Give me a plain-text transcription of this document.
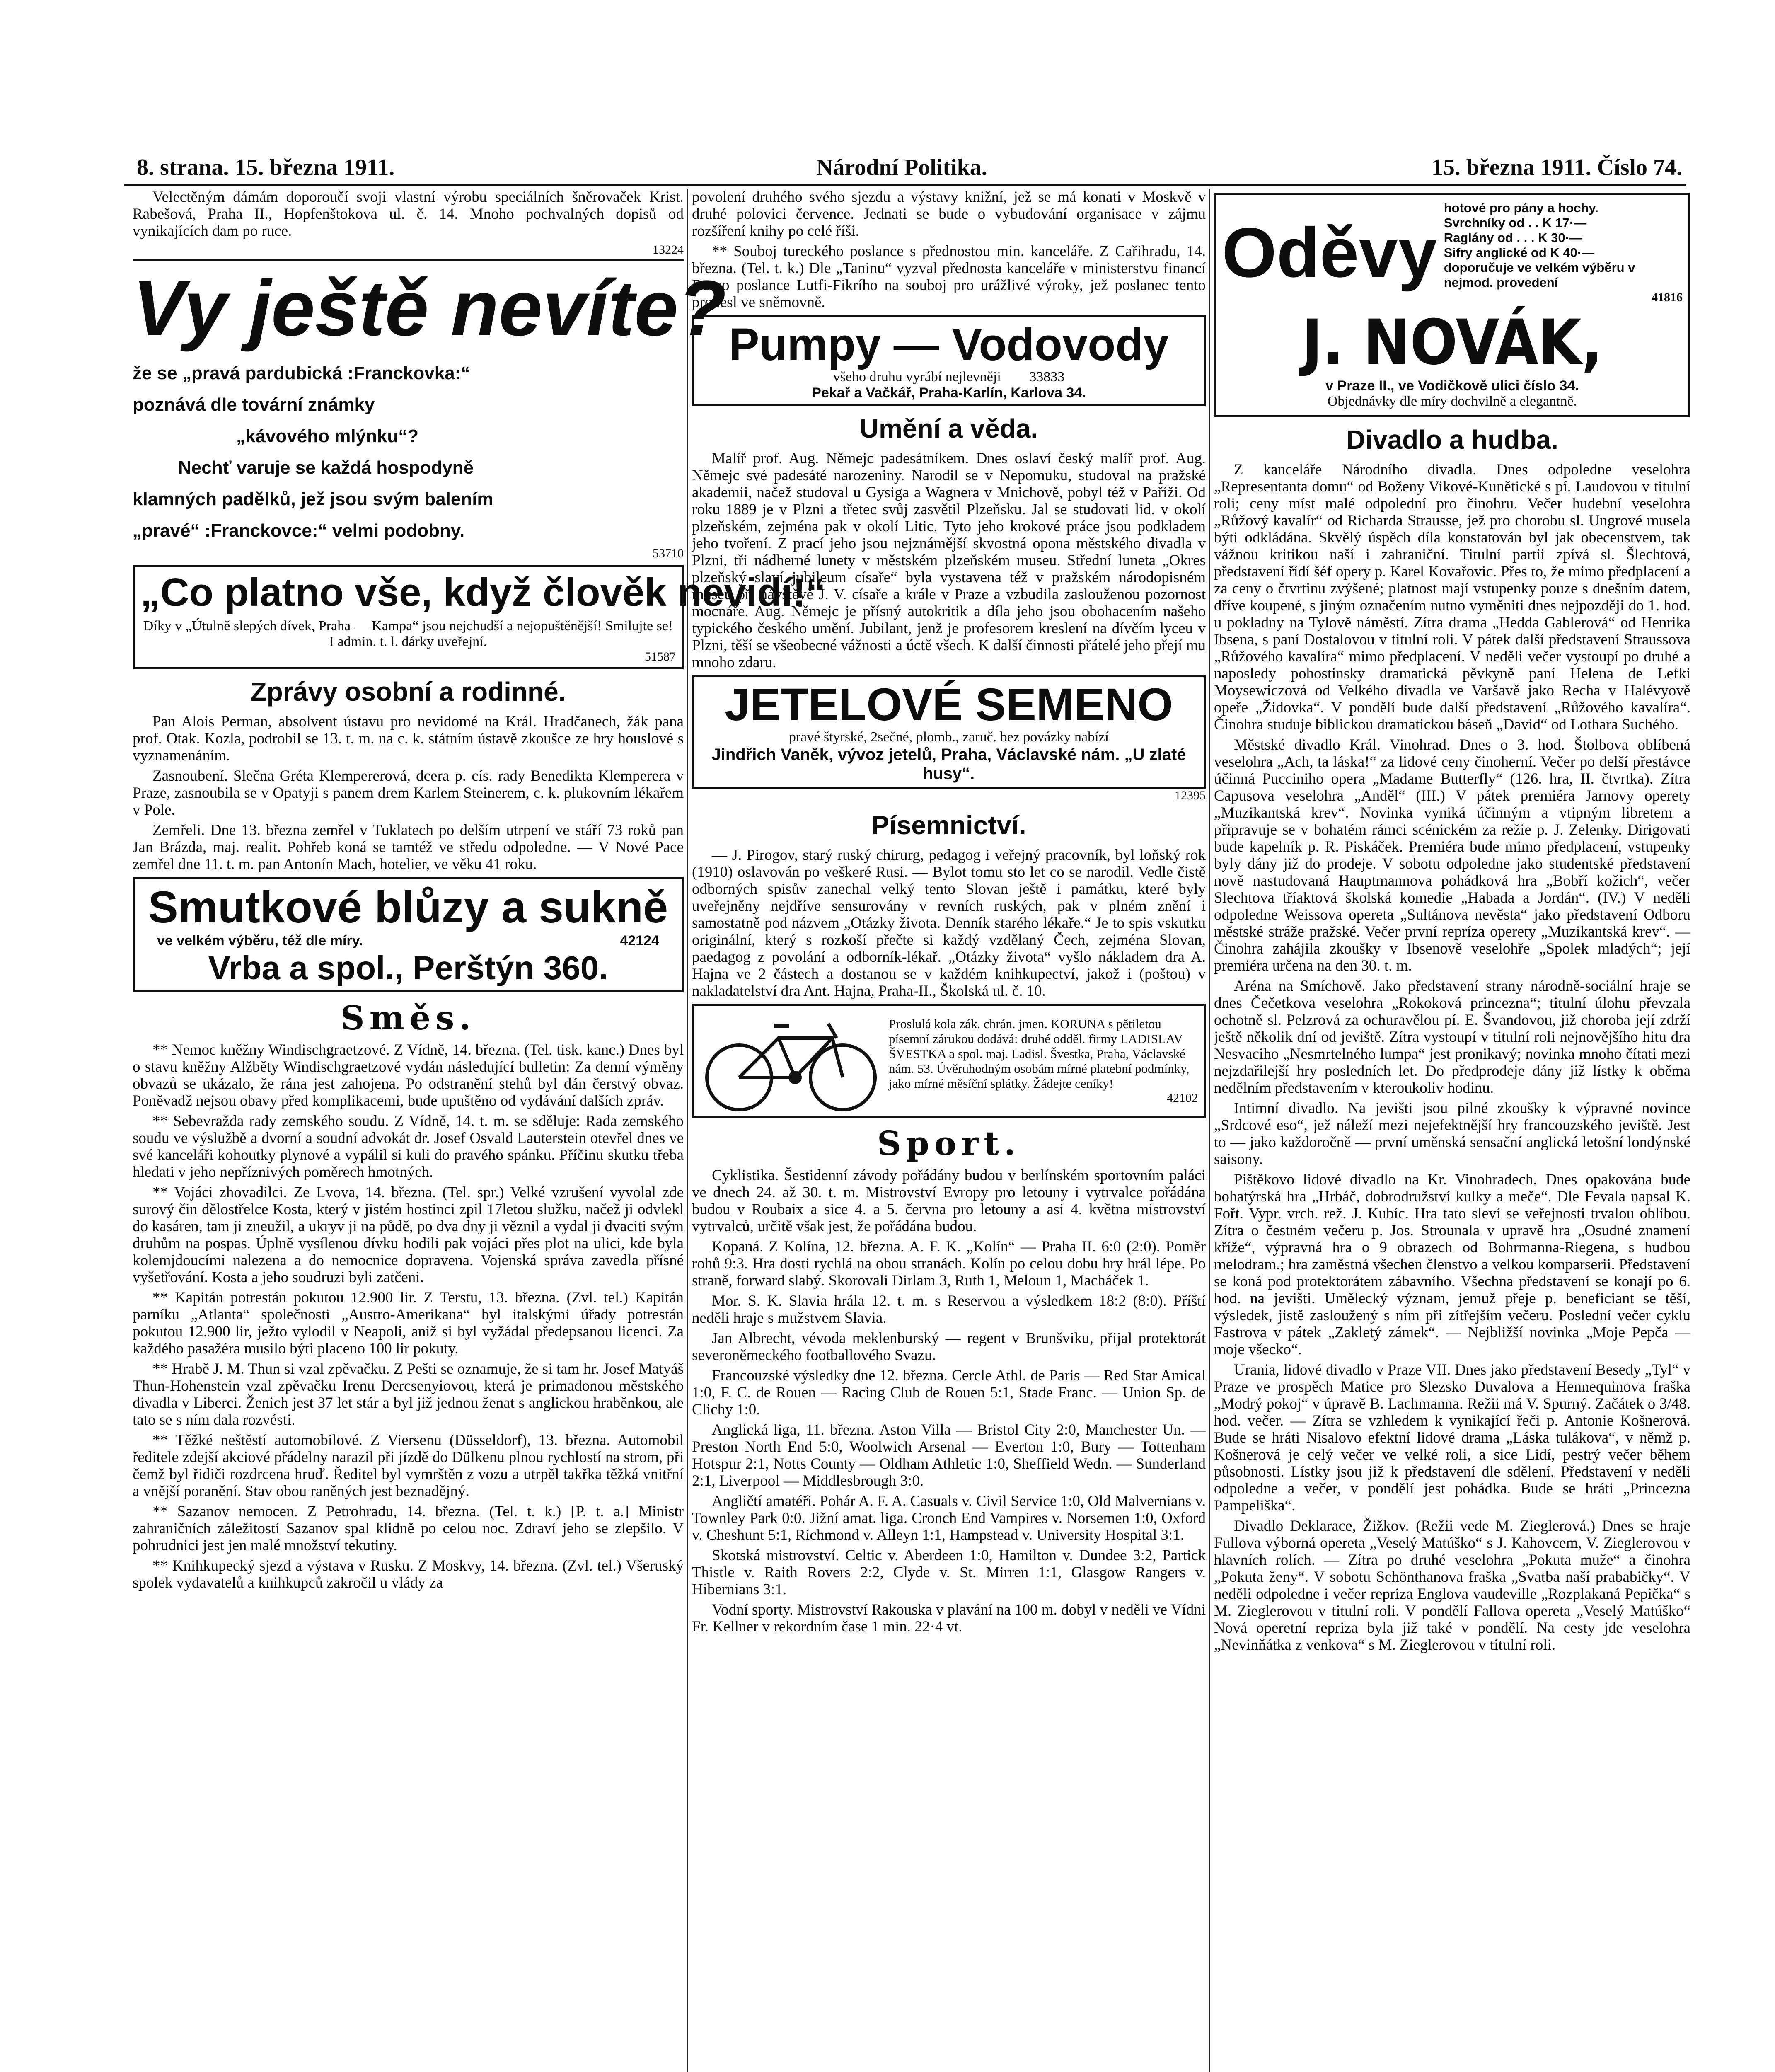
8. strana. 15. března 1911.	Národní Politika.	15. března 1911. Číslo 74.

Velectěným dámám doporoučí svoji vlastní výrobu speciálních šněrovaček Krist. Rabešová, Praha II., Hopfenštokova ul. č. 14. Mnoho pochvalných dopisů od vynikajících dam po ruce.

13224
Vy ještě nevíte?
že se „pravá pardubická :Franckovka:“
poznává dle tovární známky
„kávového mlýnku“?
Nechť varuje se každá hospodyně
klamných padělků, jež jsou svým balením
„pravé“ :Franckovce:“ velmi podobny.
53710
„Co platno vše, když člověk nevidí!“
Díky v „Útulně slepých dívek, Praha — Kampa“ jsou nejchudší a nejopuštěnější! Smilujte se! I admin. t. l. dárky uveřejní.
51587
Zprávy osobní a rodinné.

Pan Alois Perman, absolvent ústavu pro nevidomé na Král. Hradčanech, žák pana prof. Otak. Kozla, podrobil se 13. t. m. na c. k. státním ústavě zkoušce ze hry houslové s vyznamenáním.

Zasnoubení. Slečna Gréta Klempererová, dcera p. cís. rady Benedikta Klemperera v Praze, zasnoubila se v Opatyji s panem drem Karlem Steinerem, c. k. plukovním lékařem v Pole.

Zemřeli. Dne 13. března zemřel v Tuklatech po delším utrpení ve stáří 73 roků pan Jan Brázda, maj. realit. Pohřeb koná se tamtéž ve středu odpoledne. — V Nové Pace zemřel dne 11. t. m. pan Antonín Mach, hotelier, ve věku 41 roku.

Smutkové blůzy a sukně
ve velkém výběru, též dle míry.	42124
Vrba a spol., Perštýn 360.
Směs.

** Nemoc kněžny Windischgraetzové. Z Vídně, 14. března. (Tel. tisk. kanc.) Dnes byl o stavu kněžny Alžběty Windischgraetzové vydán následující bulletin: Za denní výměny obvazů se ukázalo, že rána jest zahojena. Po odstranění stehů byl dán čerstvý obvaz. Poněvadž nejsou obavy před komplikacemi, bude upuštěno od vydávání dalších zpráv.

** Sebevražda rady zemského soudu. Z Vídně, 14. t. m. se sděluje: Rada zemského soudu ve výslužbě a dvorní a soudní advokát dr. Josef Osvald Lauterstein otevřel dnes ve své kanceláři kohoutky plynové a vypálil si kuli do pravého spánku. Příčinu skutku třeba hledati v jeho nepříznivých poměrech hmotných.

** Vojáci zhovadilci. Ze Lvova, 14. března. (Tel. spr.) Velké vzrušení vyvolal zde surový čin dělostřelce Kosta, který v jistém hostinci zpil 17letou služku, načež ji odvlekl do kasáren, tam ji zneužil, a ukryv ji na půdě, po dva dny ji věznil a vydal ji dvaciti svým druhům na pospas. Úplně vysílenou dívku hodili pak vojáci přes plot na ulici, kde byla kolemjdoucími nalezena a do nemocnice dopravena. Vojenská správa zavedla přísné vyšetřování. Kosta a jeho soudruzi byli zatčeni.

** Kapitán potrestán pokutou 12.900 lir. Z Terstu, 13. března. (Zvl. tel.) Kapitán parníku „Atlanta“ společnosti „Austro-Amerikana“ byl italskými úřady potrestán pokutou 12.900 lir, ježto vylodil v Neapoli, aniž si byl vyžádal předepsanou licenci. Za každého pasažéra musilo býti placeno 100 lir pokuty.

** Hrabě J. M. Thun si vzal zpěvačku. Z Pešti se oznamuje, že si tam hr. Josef Matyáš Thun-Hohenstein vzal zpěvačku Irenu Dercsenyiovou, která je primadonou městského divadla v Liberci. Ženich jest 37 let stár a byl již jednou ženat s anglickou hraběnkou, ale tato se s ním dala rozvésti.

** Těžké neštěstí automobilové. Z Viersenu (Düsseldorf), 13. března. Automobil ředitele zdejší akciové přádelny narazil při jízdě do Dülkenu plnou rychlostí na strom, při čemž byl řidiči rozdrcena hruď. Ředitel byl vymrštěn z vozu a utrpěl takřka těžká vnitřní a vnější poranění. Stav obou raněných jest beznadějný.

** Sazanov nemocen. Z Petrohradu, 14. března. (Tel. t. k.) [P. t. a.] Ministr zahraničních záležitostí Sazanov spal klidně po celou noc. Zdraví jeho se zlepšilo. V pohrudnici jest jen malé množství tekutiny.

** Knihkupecký sjezd a výstava v Rusku. Z Moskvy, 14. března. (Zvl. tel.) Všeruský spolek vydavatelů a knihkupců zakročil u vlády za

povolení druhého svého sjezdu a výstavy knižní, jež se má konati v Moskvě v druhé polovici července. Jednati se bude o vybudování organisace v zájmu rozšíření knihy po celé říši.

** Souboj tureckého poslance s přednostou min. kanceláře. Z Cařihradu, 14. března. (Tel. t. k.) Dle „Taninu“ vyzval přednosta kanceláře v ministerstvu financí Russo poslance Lutfi-Fikrího na souboj pro urážlivé výroky, jež poslanec tento pronesl ve sněmovně.

Pumpy — Vodovody
všeho druhu vyrábí nejlevněji 33833
Pekař a Vačkář, Praha-Karlín, Karlova 34.
Umění a věda.

Malíř prof. Aug. Němejc padesátníkem. Dnes oslaví český malíř prof. Aug. Němejc své padesáté narozeniny. Narodil se v Nepomuku, studoval na pražské akademii, načež studoval u Gysiga a Wagnera v Mnichově, pobyl též v Paříži. Od roku 1889 je v Plzni a třetec svůj zasvětil Plzeňsku. Jal se studovati lid. v okolí plzeňském, zejména pak v okolí Litic. Tyto jeho krokové práce jsou podkladem jeho tvoření. Z prací jeho jsou nejznámější skvostná opona městského divadla v Plzni, tři nádherné lunety v městském plzeňském museu. Střední luneta „Okres plzeňský slaví jubileum císaře“ byla vystavena též v pražském národopisném museu při návštěvě J. V. císaře a krále v Praze a vzbudila zaslouženou pozornost mocnáře. Aug. Němejc je přísný autokritik a díla jeho jsou obohacením našeho typického českého umění. Jubilant, jenž je profesorem kreslení na dívčím lyceu v Plzni, těší se všeobecné vážnosti a úctě všech. K další činnosti přátelé jeho přejí mu mnoho zdaru.

JETELOVÉ SEMENO
pravé štyrské, 2sečné, plomb., zaruč. bez povázky nabízí
Jindřich Vaněk, vývoz jetelů, Praha, Václavské nám. „U zlaté husy“.
12395
Písemnictví.

— J. Pirogov, starý ruský chirurg, pedagog i veřejný pracovník, byl loňský rok (1910) oslavován po veškeré Rusi. — Bylot tomu sto let co se narodil. Vedle čistě odborných spisův zanechal velký tento Slovan ještě i památku, které byly uveřejněny nejdříve sensurovány v revních ruských, pak v plném znění i samostatně pod názvem „Otázky života. Denník starého lékaře.“ Je to spis vskutku originální, který s rozkoší přečte si každý vzdělaný Čech, zejména Slovan, paedagog z povolání a odborník-lékař. „Otázky života“ vyšlo nákladem dra A. Hajna ve 2 částech a dostanou se v každém knihkupectví, jakož i (poštou) v nakladatelství dra Ant. Hajna, Praha-II., Školská ul. č. 10.

Proslulá kola zák. chrán. jmen. KORUNA s pětiletou písemní zárukou dodává: druhé odděl. firmy LADISLAV ŠVESTKA a spol. maj. Ladisl. Švestka, Praha, Václavské nám. 53. Úvěruhodným osobám mírné platební podmínky, jako mírné měsíční splátky. Žádejte ceníky!
42102
Sport.

Cyklistika. Šestidenní závody pořádány budou v berlínském sportovním paláci ve dnech 24. až 30. t. m. Mistrovství Evropy pro letouny i vytrvalce pořádána budou v Roubaix a sice 4. a 5. června pro letouny a asi 4. května mistrovství vytrvalců, určitě však jest, že pořádána budou.

Kopaná. Z Kolína, 12. března. A. F. K. „Kolín“ — Praha II. 6:0 (2:0). Poměr rohů 9:3. Hra dosti rychlá na obou stranách. Kolín po celou dobu hry hrál lépe. Po straně, forward slabý. Skorovali Dirlam 3, Ruth 1, Meloun 1, Macháček 1.

Mor. S. K. Slavia hrála 12. t. m. s Reservou a výsledkem 18:2 (8:0). Příští neděli hraje s mužstvem Slavia.

Jan Albrecht, vévoda meklenburský — regent v Brunšviku, přijal protektorát severoněmeckého footballového Svazu.

Francouzské výsledky dne 12. března. Cercle Athl. de Paris — Red Star Amical 1:0, F. C. de Rouen — Racing Club de Rouen 5:1, Stade Franc. — Union Sp. de Clichy 1:0.

Anglická liga, 11. března. Aston Villa — Bristol City 2:0, Manchester Un. — Preston North End 5:0, Woolwich Arsenal — Everton 1:0, Bury — Tottenham Hotspur 2:1, Notts County — Oldham Athletic 1:0, Sheffield Wedn. — Sunderland 2:1, Liverpool — Middlesbrough 3:0.

Angličtí amatéři. Pohár A. F. A. Casuals v. Civil Service 1:0, Old Malvernians v. Townley Park 0:0. Jižní amat. liga. Cronch End Vampires v. Norsemen 1:0, Oxford v. Cheshunt 5:1, Richmond v. Alleyn 1:1, Hampstead v. University Hospital 3:1.

Skotská mistrovství. Celtic v. Aberdeen 1:0, Hamilton v. Dundee 3:2, Partick Thistle v. Raith Rovers 2:2, Clyde v. St. Mirren 1:1, Glasgow Rangers v. Hibernians 3:1.

Vodní sporty. Mistrovství Rakouska v plavání na 100 m. dobyl v neděli ve Vídni Fr. Kellner v rekordním čase 1 min. 22·4 vt.

Oděvy
hotové pro pány a hochy.
Svrchníky od . . K 17·—
Raglány od . . . K 30·—
Sifry anglické od K 40·—
doporučuje ve velkém výběru v nejmod. provedení
41816
J. NOVÁK,
v Praze II., ve Vodičkově ulici číslo 34.
Objednávky dle míry dochvilně a elegantně.
Divadlo a hudba.

Z kanceláře Národního divadla. Dnes odpoledne veselohra „Representanta domu“ od Boženy Vikové-Kunětické s pí. Laudovou v titulní roli; ceny míst malé odpolední pro činohru. Večer hudební veselohra „Růžový kavalír“ od Richarda Strausse, jež pro chorobu sl. Ungrové musela býti odkládána. Skvělý úspěch díla konstatován byl jak obecenstvem, tak vážnou kritikou naší i zahraniční. Titulní partii zpívá sl. Šlechtová, představení řídí šéf opery p. Karel Kovařovic. Přes to, že mimo předplacení a za ceny o čtvrtinu zvýšené; platnost mají vstupenky pouze s dnešním datem, dříve koupené, s jiným označením nutno vyměniti dnes nejpozději do 1. hod. u pokladny na Tylově náměstí. Zítra drama „Hedda Gablerová“ od Henrika Ibsena, s paní Dostalovou v titulní roli. V pátek další představení Straussova „Růžového kavalíra“ mimo předplacení. V neděli večer vystoupí po druhé a naposledy pohostinsky dramatická pěvkyně paní Helena de Lefki Moysewiczová od Velkého divadla ve Varšavě jako Recha v Halévyově opeře „Židovka“. V pondělí bude další představení „Růžového kavalíra“. Činohra studuje biblickou dramatickou báseň „David“ od Lothara Suchého.

Městské divadlo Král. Vinohrad. Dnes o 3. hod. Štolbova oblíbená veselohra „Ach, ta láska!“ za lidové ceny činoherní. Večer po delší přestávce účinná Pucciniho opera „Madame Butterfly“ (126. hra, II. čtvrtka). Zítra Capusova veselohra „Anděl“ (III.) V pátek premiéra Jarnovy operety „Muzikantská krev“. Novinka vyniká účinným a vtipným libretem a připravuje se v bohatém rámci scénickém za režie p. J. Zelenky. Dirigovati bude kapelník p. R. Piskáček. Premiéra bude mimo předplacení, vstupenky byly dány již do prodeje. V sobotu odpoledne jako studentské představení nově nastudovaná Hauptmannova pohádková hra „Bobří kožich“, večer Slechtova tříaktová školská komedie „Habada a Jordán“. (IV.) V neděli odpoledne Weissova opereta „Sultánova nevěsta“ jako představení Odboru městské stráže pražské. Večer první repríza operety „Muzikantská krev“. — Činohra zahájila zkoušky v Ibsenově veselohře „Spolek mladých“; její premiéra určena na den 30. t. m.

Aréna na Smíchově. Jako představení strany národně-sociální hraje se dnes Čečetkova veselohra „Rokoková princezna“; titulní úlohu převzala ochotně sl. Pelzrová za ochuravělou pí. E. Švandovou, již choroba její zdrží ještě několik dní od jeviště. Zítra vystoupí v titulní roli nejnovějšího hitu dra Nesvaciho „Nesmrtelného lumpa“ jest pronikavý; novinka mnoho čítati mezi nejzdařilejší hry posledních let. Do předprodeje dány již lístky k oběma nedělním představením v kteroukoliv hodinu.

Intimní divadlo. Na jevišti jsou pilné zkoušky k výpravné novince „Srdcové eso“, jež náleží mezi nejefektnější hry francouzského jeviště. Jest to — jako každoročně — první uměnská sensační anglická letošní londýnské saisony.

Pištěkovo lidové divadlo na Kr. Vinohradech. Dnes opakována bude bohatýrská hra „Hrbáč, dobrodružství kulky a meče“. Dle Fevala napsal K. Fořt. Vypr. vrch. rež. J. Kubíc. Hra tato sleví se veřejnosti trvalou oblibou. Zítra o čestném večeru p. Jos. Strounala v upravě hra „Osudné znamení kříže“, výpravná hra o 9 obrazech od Bohrmanna-Riegena, s hudbou melodram.; hra zaměstná všechen členstvo a velkou komparserii. Představení se koná pod protektorátem zábavního. Všechna představení se konají po 6. hod. na jevišti. Umělecký význam, jemuž přeje p. beneficiant se těší, výsledek, jistě zasloužený s ním při zítřejším večeru. Poslední večer cyklu Fastrova v pátek „Zakletý zámek“. — Nejbližší novinka „Moje Pepča — moje všecko“.

Urania, lidové divadlo v Praze VII. Dnes jako představení Besedy „Tyl“ v Praze ve prospěch Matice pro Slezsko Duvalova a Hennequinova fraška „Modrý pokoj“ v úpravě B. Lachmanna. Režii má V. Spurný. Začátek o 3/48. hod. večer. — Zítra se vzhledem k vynikající řeči p. Antonie Košnerová. Bude se hráti Nisalovo efektní lidové drama „Láska tulákova“, v němž p. Košnerová je celý večer ve velké roli, a sice Lidí, pestrý večer během působnosti. Lístky jsou již k představení dle sdělení. Představení v neděli odpoledne a večer, v pondělí jest pohádka. Bude se hráti „Princezna Pampeliška“.

Divadlo Deklarace, Žižkov. (Režii vede M. Zieglerová.) Dnes se hraje Fullova výborná opereta „Veselý Matúško“ s J. Kahovcem, V. Zieglerovou v hlavních rolích. — Zítra po druhé veselohra „Pokuta muže“ a činohra „Pokuta ženy“. V sobotu Schönthanova fraška „Svatba naší prababičky“. V neděli odpoledne i večer repriza Englova vaudeville „Rozplakaná Pepička“ s M. Zieglerovou v titulní roli. V pondělí Fallova opereta „Veselý Matúško“ Nová operetní repriza byla již také v pondělí. Na cesty jde veselohra „Nevinňátka z venkova“ s M. Zieglerovou v titulní roli.
